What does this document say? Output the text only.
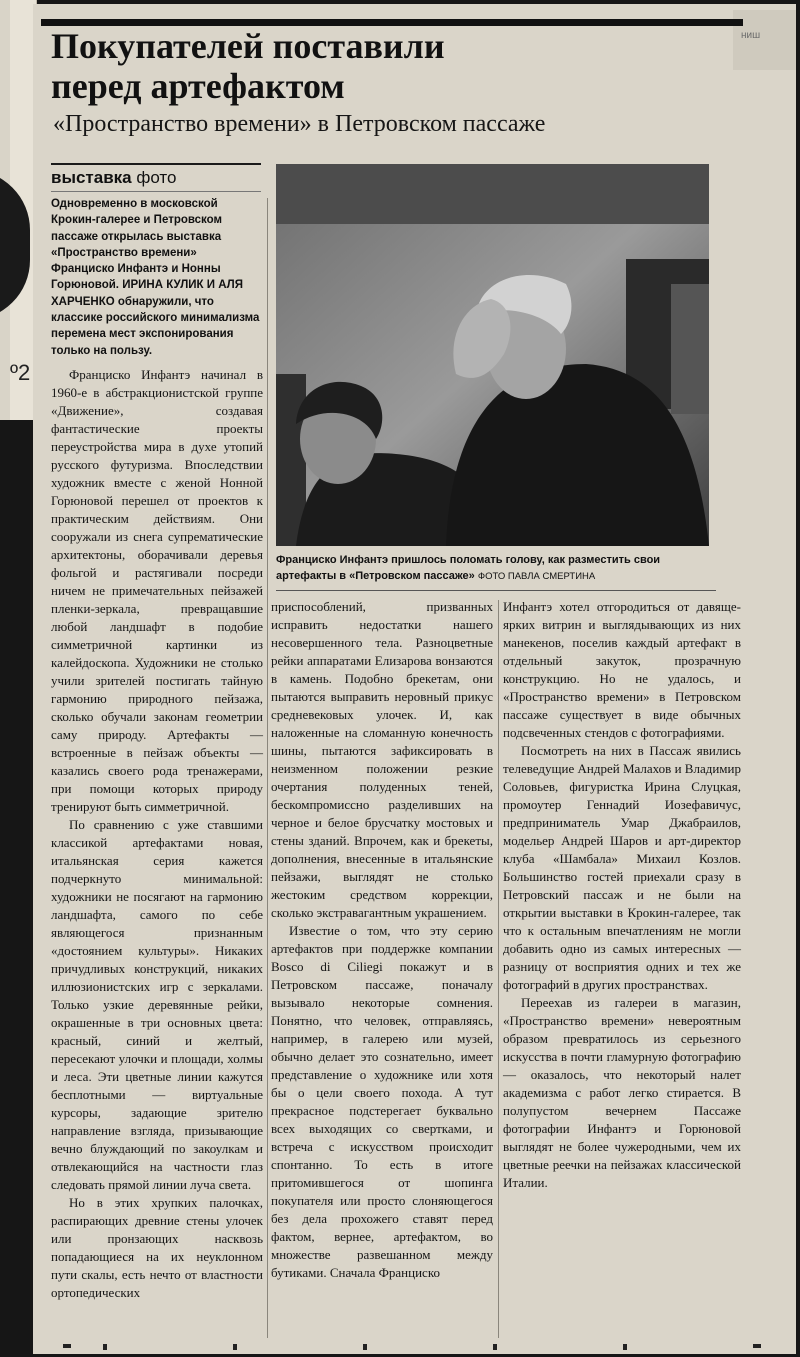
º2
ниш
Покупателей поставили
перед артефактом

«Пространство времени» в Петровском пассаже

выставка фото

Одновременно в московской Крокин-галерее и Петровском пассаже открылась выставка «Пространство времени» Франциско Инфантэ и Нонны Горюновой. ИРИНА КУЛИК И АЛЯ ХАРЧЕНКО обнаружили, что классике российского минимализма перемена мест экспонирования только на пользу.

Франциско Инфантэ пришлось поломать голову, как разместить свои артефакты в «Петровском пассаже» ФОТО ПАВЛА СМЕРТИНА

Франциско Инфантэ начинал в 1960-е в абстракционистской группе «Движение», создавая фантастические проекты переустройства мира в духе утопий русского футуризма. Впоследствии художник вместе с женой Нонной Горюновой перешел от проектов к практическим действиям. Они сооружали из снега супрематические архитектоны, оборачивали деревья фольгой и растягивали посреди ничем не примечательных пейзажей пленки-зеркала, превращавшие любой ландшафт в подобие симметричной картинки из калейдоскопа. Художники не столько учили зрителей постигать тайную гармонию природного пейзажа, сколько обучали законам геометрии саму природу. Артефакты — встроенные в пейзаж объекты — казались своего рода тренажерами, при помощи которых природу тренируют быть симметричной.

По сравнению с уже ставшими классикой артефактами новая, итальянская серия кажется подчеркнуто минимальной: художники не посягают на гармонию ландшафта, самого по себе являющегося признанным «достоянием культуры». Никаких причудливых конструкций, никаких иллюзионистских игр с зеркалами. Только узкие деревянные рейки, окрашенные в три основных цвета: красный, синий и желтый, пересекают улочки и площади, холмы и леса. Эти цветные линии кажутся бесплотными — виртуальные курсоры, задающие зрителю направление взгляда, призывающие вечно блуждающий по закоулкам и отвлекающийся на частности глаз следовать прямой линии луча света.

Но в этих хрупких палочках, распирающих древние стены улочек или пронзающих насквозь попадающиеся на их неуклонном пути скалы, есть нечто от властности ортопедических

приспособлений, призванных исправить недостатки нашего несовершенного тела. Разноцветные рейки аппаратами Елизарова вонзаются в камень. Подобно брекетам, они пытаются выправить неровный прикус средневековых улочек. И, как наложенные на сломанную конечность шины, пытаются зафиксировать в неизменном положении резкие очертания полуденных теней, бескомпромиссно разделивших на черное и белое брусчатку мостовых и стены зданий. Впрочем, как и брекеты, дополнения, внесенные в итальянские пейзажи, выглядят не столько жестоким средством коррекции, сколько экстравагантным украшением.

Известие о том, что эту серию артефактов при поддержке компании Bosco di Ciliegi покажут и в Петровском пассаже, поначалу вызывало некоторые сомнения. Понятно, что человек, отправляясь, например, в галерею или музей, обычно делает это сознательно, имеет представление о художнике или хотя бы о цели своего похода. А тут прекрасное подстерегает буквально всех выходящих со свертками, и встреча с искусством происходит спонтанно. То есть в итоге притомившегося от шопинга покупателя или просто слоняющегося без дела прохожего ставят перед фактом, вернее, артефактом, во множестве развешанном между бутиками. Сначала Франциско

Инфантэ хотел отгородиться от давяще-ярких витрин и выглядывающих из них манекенов, поселив каждый артефакт в отдельный закуток, прозрачную конструкцию. Но не удалось, и «Пространство времени» в Петровском пассаже существует в виде обычных подсвеченных стендов с фотографиями.

Посмотреть на них в Пассаж явились телеведущие Андрей Малахов и Владимир Соловьев, фигуристка Ирина Слуцкая, промоутер Геннадий Иозефавичус, предприниматель Умар Джабраилов, модельер Андрей Шаров и арт-директор клуба «Шамбала» Михаил Козлов. Большинство гостей приехали сразу в Петровский пассаж и не были на открытии выставки в Крокин-галерее, так что к остальным впечатлениям не могли добавить одно из самых интересных — разницу от восприятия одних и тех же фотографий в других пространствах.

Переехав из галереи в магазин, «Пространство времени» невероятным образом превратилось из серьезного искусства в почти гламурную фотографию — оказалось, что некоторый налет академизма с работ легко стирается. В полупустом вечернем Пассаже фотографии Инфантэ и Горюновой выглядят не более чужеродными, чем их цветные реечки на пейзажах классической Италии.
